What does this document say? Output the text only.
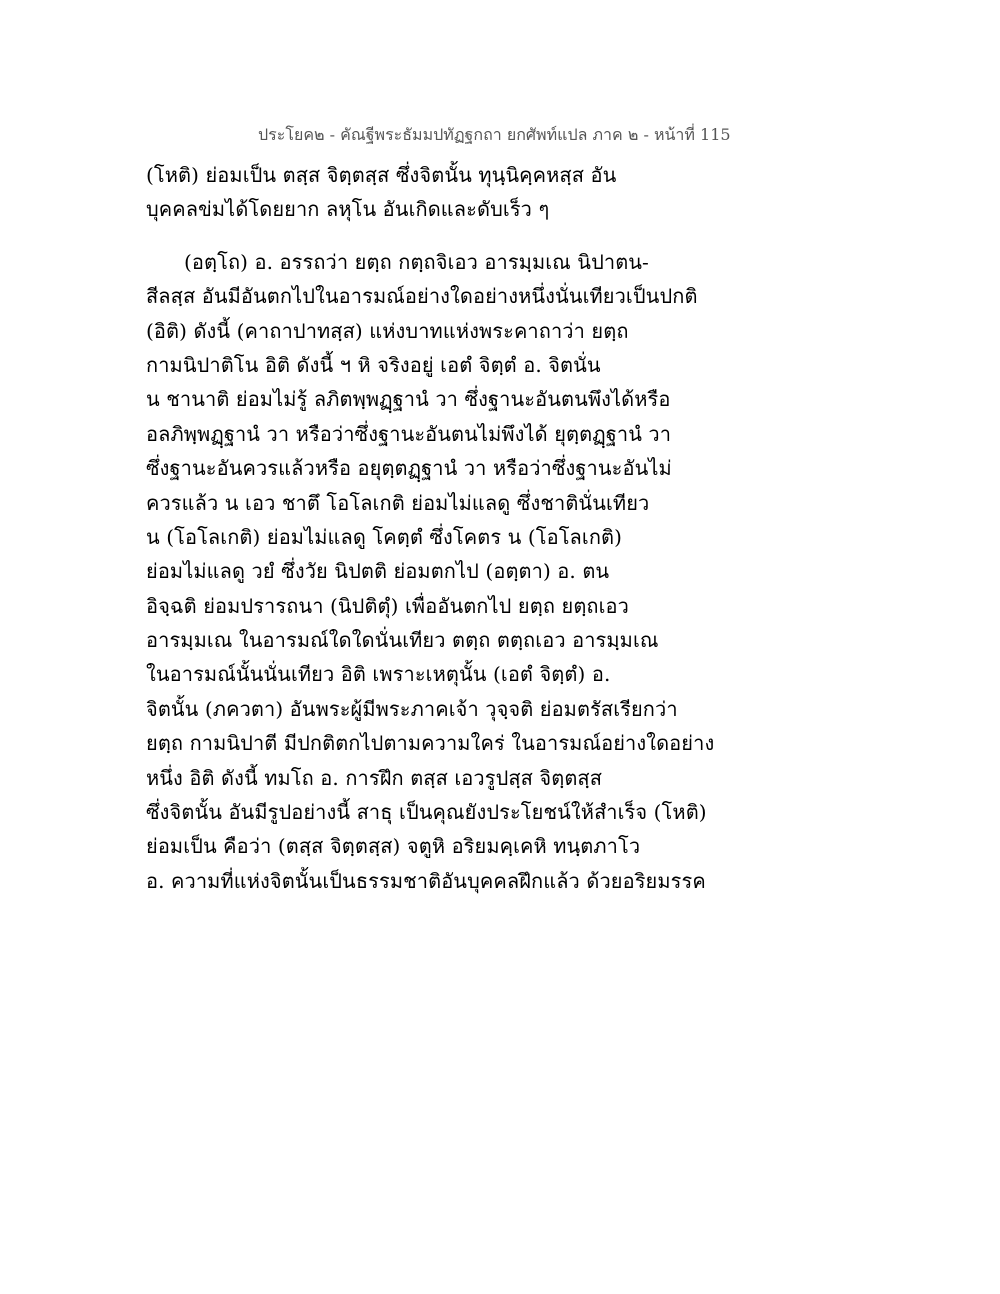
ประโยค๒ - คัณฐีพระธัมมปทัฏฐกถา ยกศัพท์แปล ภาค ๒ - หน้าที่ 115
(โหติ) ย่อมเป็น ตสฺส จิตฺตสฺส ซึ่งจิตนั้น ทุนฺนิคฺคหสฺส อัน
บุคคลข่มได้โดยยาก ลหุโน อันเกิดและดับเร็ว ๆ
(อตฺโถ) อ. อรรถว่า ยตฺถ กตฺถจิเอว อารมฺมเณ นิปาตน-
สีลสฺส อันมีอันตกไปในอารมณ์อย่างใดอย่างหนึ่งนั่นเทียวเป็นปกติ
(อิติ) ดังนี้ (คาถาปาทสฺส) แห่งบาทแห่งพระคาถาว่า ยตฺถ
กามนิปาติโน อิติ ดังนี้ ฯ หิ จริงอยู่ เอตํ จิตฺตํ อ. จิตนั่น
น ชานาติ ย่อมไม่รู้ ลภิตพฺพฏฺฐานํ วา ซึ่งฐานะอันตนพึงได้หรือ
อลภิพฺพฏฺฐานํ วา หรือว่าซึ่งฐานะอันตนไม่พึงได้ ยุตฺตฏฺฐานํ วา
ซึ่งฐานะอันควรแล้วหรือ อยุตฺตฏฺฐานํ วา หรือว่าซึ่งฐานะอันไม่
ควรแล้ว น เอว ชาตึ โอโลเกติ ย่อมไม่แลดู ซึ่งชาตินั่นเทียว
น (โอโลเกติ) ย่อมไม่แลดู โคตฺตํ ซึ่งโคตร น (โอโลเกติ)
ย่อมไม่แลดู วยํ ซึ่งวัย นิปตติ ย่อมตกไป (อตฺตา) อ. ตน
อิจฺฉติ ย่อมปรารถนา (นิปติตุํ) เพื่ออันตกไป ยตฺถ ยตฺถเอว
อารมฺมเณ ในอารมณ์ใดใดนั่นเทียว ตตฺถ ตตฺถเอว อารมฺมเณ
ในอารมณ์นั้นนั่นเทียว อิติ เพราะเหตุนั้น (เอตํ จิตฺตํ) อ.
จิตนั้น (ภควตา) อันพระผู้มีพระภาคเจ้า วุจฺจติ ย่อมตรัสเรียกว่า
ยตฺถ กามนิปาตี มีปกติตกไปตามความใคร่ ในอารมณ์อย่างใดอย่าง
หนึ่ง อิติ ดังนี้ ทมโถ อ. การฝึก ตสฺส เอวรูปสฺส จิตฺตสฺส
ซึ่งจิตนั้น อันมีรูปอย่างนี้ สาธุ เป็นคุณยังประโยชน์ให้สำเร็จ (โหติ)
ย่อมเป็น คือว่า (ตสฺส จิตฺตสฺส) จตูหิ อริยมคฺเคหิ ทนฺตภาโว
อ. ความที่แห่งจิตนั้นเป็นธรรมชาติอันบุคคลฝึกแล้ว ด้วยอริยมรรค
